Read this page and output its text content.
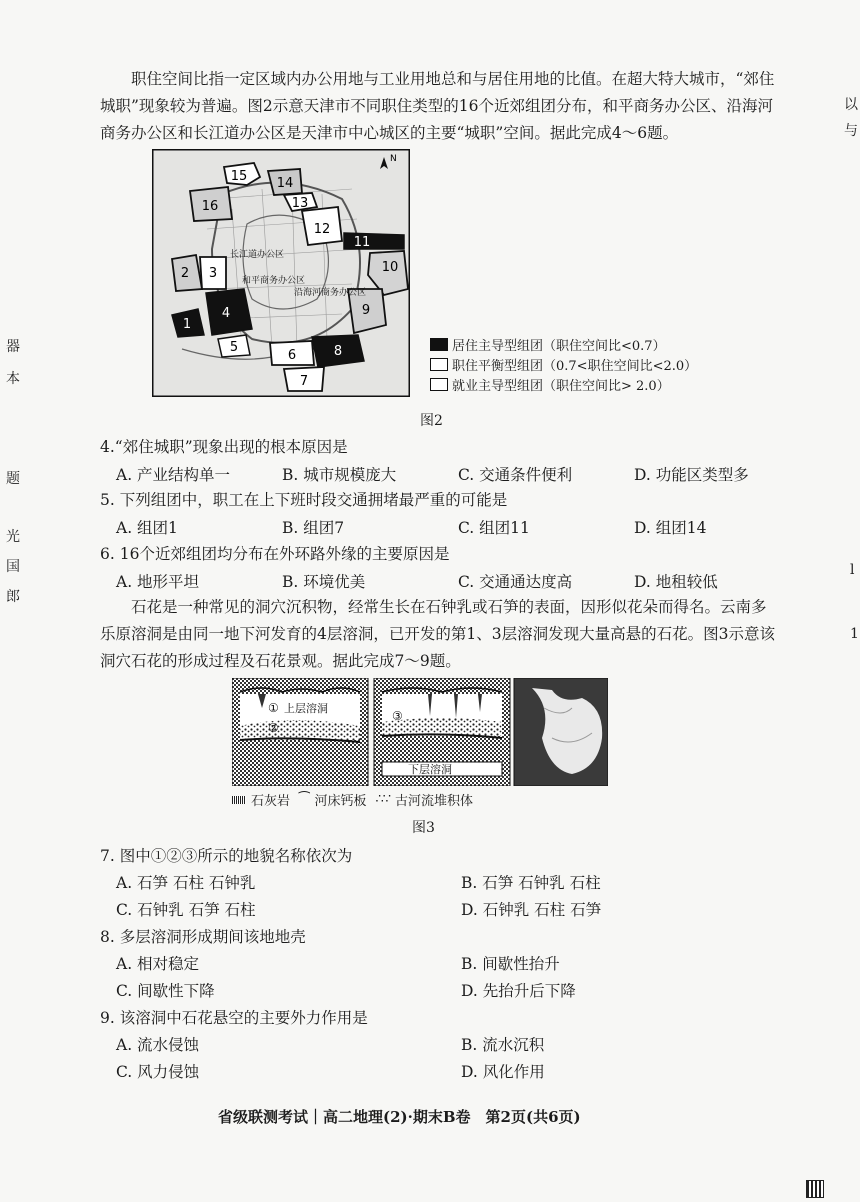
器
本
题
光
国
郎
以
与
l
1
职住空间比指一定区域内办公用地与工业用地总和与居住用地的比值。在超大特大城市，“郊住城职”现象较为普遍。图2示意天津市不同职住类型的16个近郊组团分布，和平商务办公区、沿海河商务办公区和长江道办公区是天津市中心城区的主要“城职”空间。据此完成4～6题。
N
15 14
16	13
12
11
10
2 3
9
1
4
5	8
6
7
长江道办公区
和平商务办公区
沿海河商务办公区
居住主导型组团（职住空间比<0.7）
职住平衡型组团（0.7<职住空间比<2.0）
就业主导型组团（职住空间比> 2.0）
图2
4.“郊住城职”现象出现的根本原因是
A. 产业结构单一	B. 城市规模庞大	C. 交通条件便利	D. 功能区类型多
5. 下列组团中，职工在上下班时段交通拥堵最严重的可能是
A. 组团1	B. 组团7	C. 组团11	D. 组团14
6. 16个近郊组团均分布在外环路外缘的主要原因是
A. 地形平坦	B. 环境优美	C. 交通通达度高	D. 地租较低
石花是一种常见的洞穴沉积物，经常生长在石钟乳或石笋的表面，因形似花朵而得名。云南多乐原溶洞是由同一地下河发育的4层溶洞，已开发的第1、3层溶洞发现大量高悬的石花。图3示意该洞穴石花的形成过程及石花景观。据此完成7～9题。
① 上层溶洞
②
③
下层溶洞
石灰岩 ⁀ 河床钙板 ∴∵ 古河流堆积体
图3
7. 图中①②③所示的地貌名称依次为
A. 石笋 石柱 石钟乳	B. 石笋 石钟乳 石柱
C. 石钟乳 石笋 石柱	D. 石钟乳 石柱 石笋
8. 多层溶洞形成期间该地地壳
A. 相对稳定	B. 间歇性抬升
C. 间歇性下降	D. 先抬升后下降
9. 该溶洞中石花悬空的主要外力作用是
A. 流水侵蚀	B. 流水沉积
C. 风力侵蚀	D. 风化作用
省级联测考试｜高二地理(2)·期末B卷　第2页(共6页)
